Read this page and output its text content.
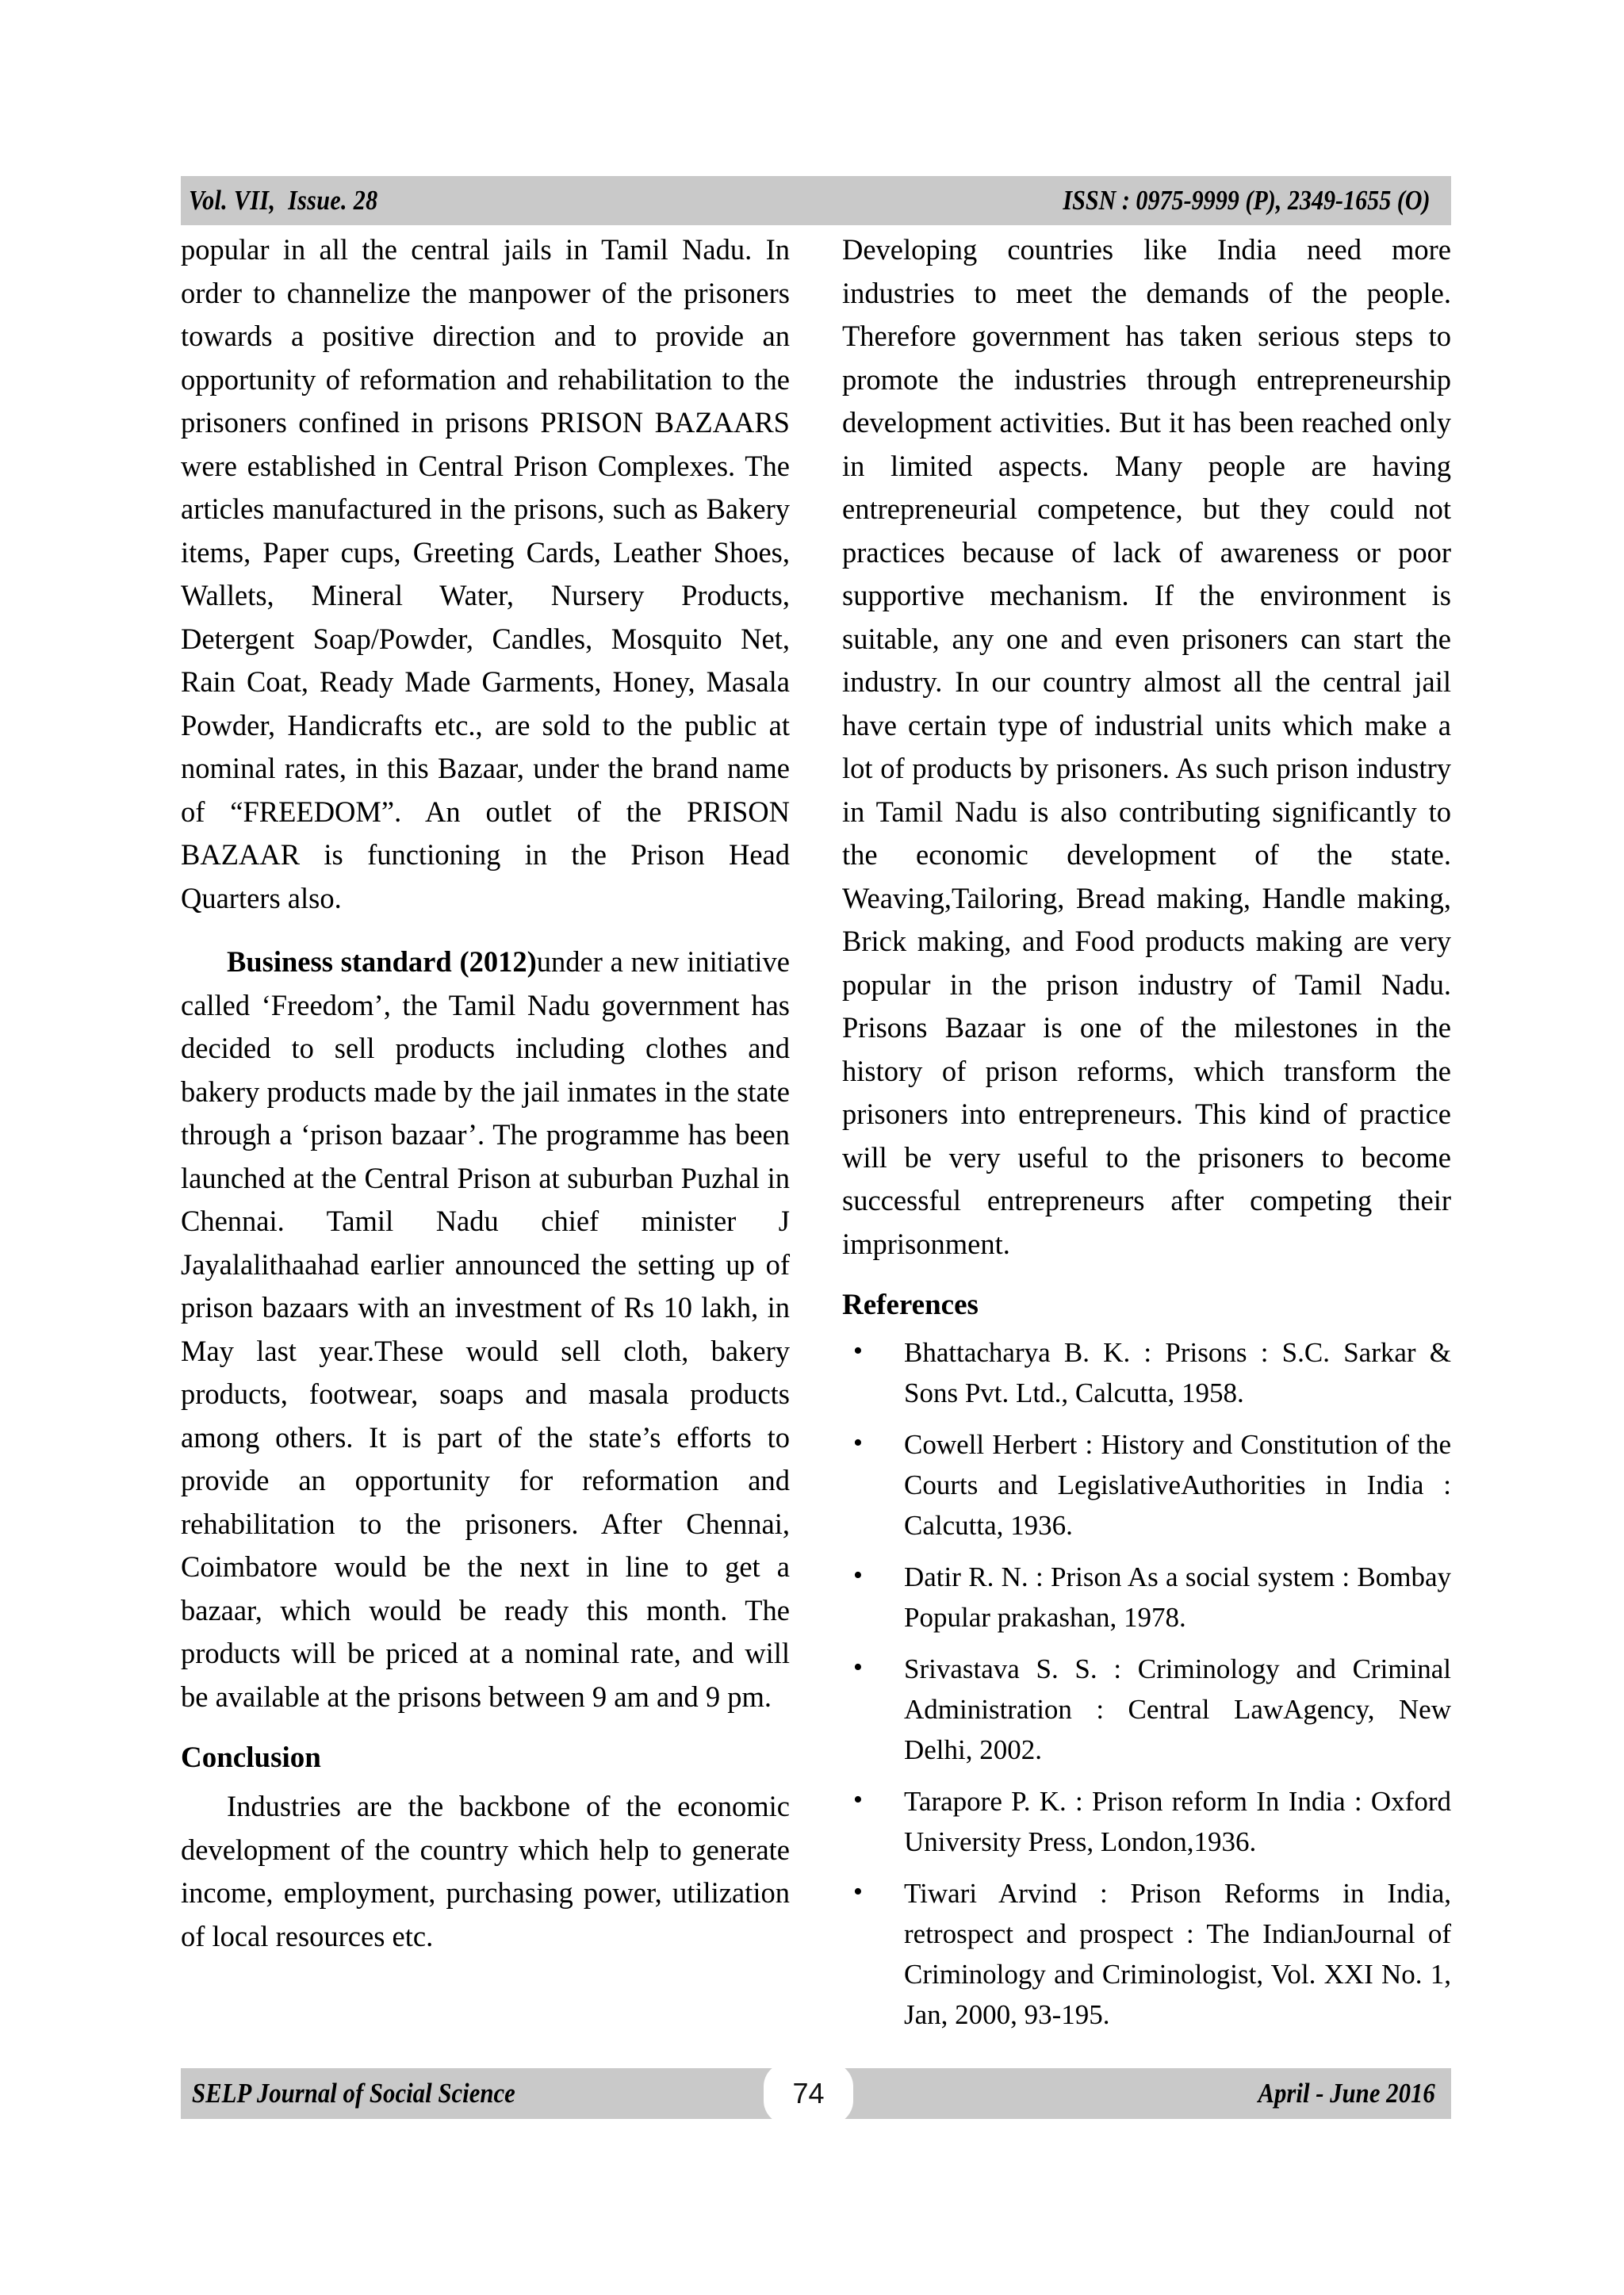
Vol. VII,  Issue. 28	ISSN : 0975-9999 (P), 2349-1655 (O)

popular in all the central jails in Tamil Nadu. In order to channelize the manpower of the prisoners towards a positive direction and to provide an opportunity of reformation and rehabilitation to the prisoners confined in prisons PRISON BAZAARS were established in Central Prison Complexes. The articles manufactured in the prisons, such as Bakery items, Paper cups, Greeting Cards, Leather Shoes, Wallets, Mineral Water, Nursery Products, Detergent Soap/Powder, Candles, Mosquito Net, Rain Coat, Ready Made Garments, Honey, Masala Powder, Handicrafts etc., are sold to the public at nominal rates, in this Bazaar, under the brand name of “FREEDOM”. An outlet of the PRISON BAZAAR is functioning in the Prison Head Quarters also.

Business standard (2012)under a new initiative called ‘Freedom’, the Tamil Nadu government has decided to sell products including clothes and bakery products made by the jail inmates in the state through a ‘prison bazaar’. The programme has been launched at the Central Prison at suburban Puzhal in Chennai. Tamil Nadu chief minister J Jayalalithaahad earlier announced the setting up of prison bazaars with an investment of Rs 10 lakh, in May last year.These would sell cloth, bakery products, footwear, soaps and masala products among others. It is part of the state’s efforts to provide an opportunity for reformation and rehabilitation to the prisoners. After Chennai, Coimbatore would be the next in line to get a bazaar, which would be ready this month. The products will be priced at a nominal rate, and will be available at the prisons between 9 am and 9 pm.

Conclusion

Industries are the backbone of the economic development of the country which help to generate income, employment, purchasing power, utilization of local resources etc.

Developing countries like India need more industries to meet the demands of the people. Therefore government has taken serious steps to promote the industries through entrepreneurship development activities. But it has been reached only in limited aspects. Many people are having entrepreneurial competence, but they could not practices because of lack of awareness or poor supportive mechanism. If the environment is suitable, any one and even prisoners can start the industry. In our country almost all the central jail have certain type of industrial units which make a lot of products by prisoners. As such prison industry in Tamil Nadu is also contributing significantly to the economic development of the state. Weaving,Tailoring, Bread making, Handle making, Brick making, and Food products making are very popular in the prison industry of Tamil Nadu. Prisons Bazaar is one of the milestones in the history of prison reforms, which transform the prisoners into entrepreneurs. This kind of practice will be very useful to the prisoners to become successful entrepreneurs after competing their imprisonment.

References
• Bhattacharya B. K. : Prisons : S.C. Sarkar & Sons Pvt. Ltd., Calcutta, 1958.
• Cowell Herbert : History and Constitution of the Courts and LegislativeAuthorities in India : Calcutta, 1936.
• Datir R. N. : Prison As a social system : Bombay Popular prakashan, 1978.
• Srivastava S. S. : Criminology and Criminal Administration : Central LawAgency, New Delhi, 2002.
• Tarapore P. K. : Prison reform In India : Oxford University Press, London,1936.
• Tiwari Arvind : Prison Reforms in India, retrospect and prospect : The IndianJournal of Criminology and Criminologist, Vol. XXI No. 1, Jan, 2000, 93-195.
SELP Journal of Social Science	April - June 2016
74
